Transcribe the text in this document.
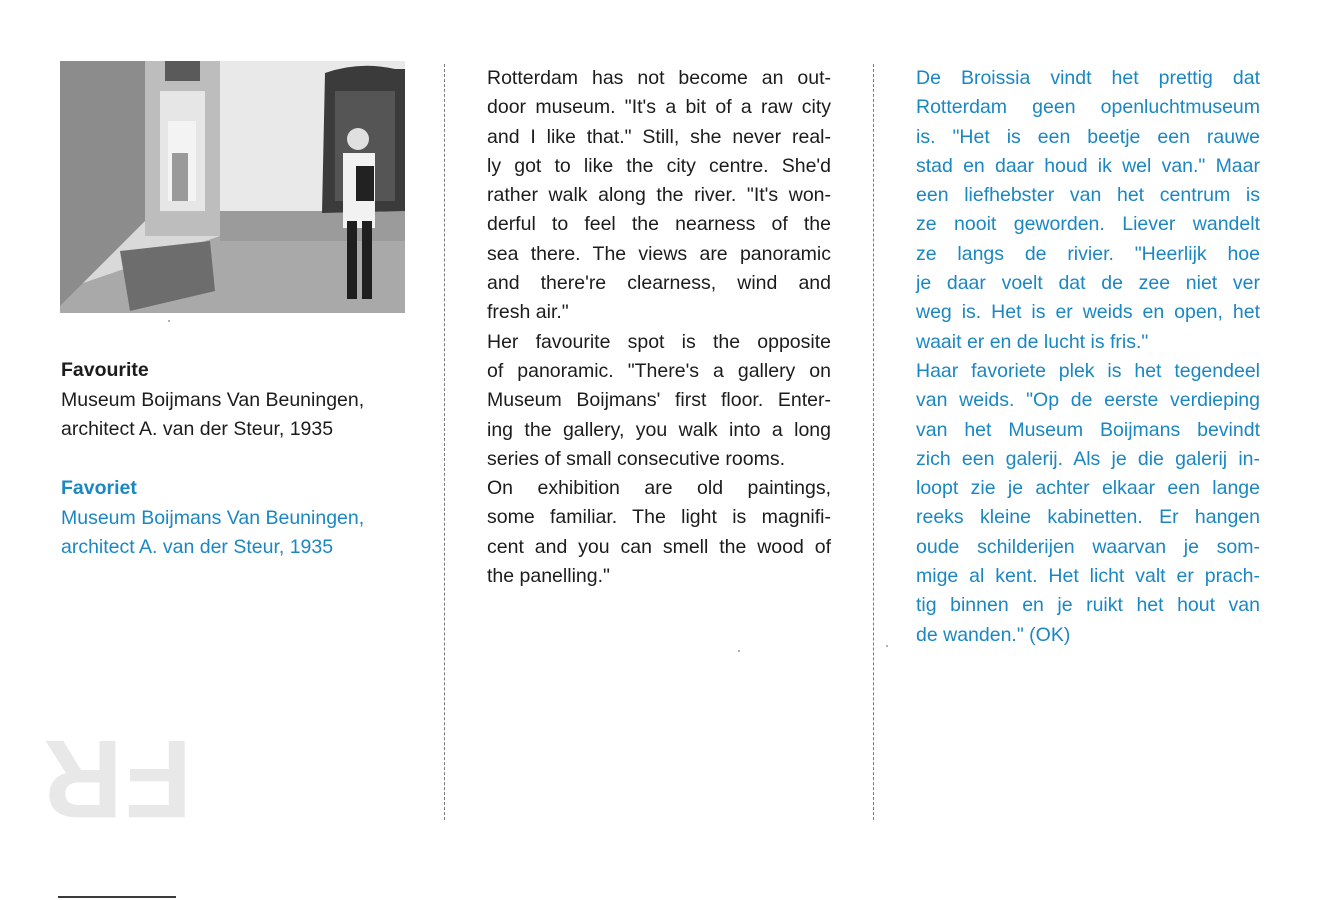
Favourite
Museum Boijmans Van Beuningen,
architect A. van der Steur, 1935
Favoriet
Museum Boijmans Van Beuningen,
architect A. van der Steur, 1935
Rotterdam has not become an out-
door museum. "It's a bit of a raw city
and I like that." Still, she never real-
ly got to like the city centre. She'd
rather walk along the river. "It's won-
derful to feel the nearness of the
sea there. The views are panoramic
and there're clearness, wind and
fresh air."
Her favourite spot is the opposite
of panoramic. "There's a gallery on
Museum Boijmans' first floor. Enter-
ing the gallery, you walk into a long
series of small consecutive rooms.
On exhibition are old paintings,
some familiar. The light is magnifi-
cent and you can smell the wood of
the panelling."
De Broissia vindt het prettig dat
Rotterdam geen openluchtmuseum
is. "Het is een beetje een rauwe
stad en daar houd ik wel van." Maar
een liefhebster van het centrum is
ze nooit geworden. Liever wandelt
ze langs de rivier. "Heerlijk hoe
je daar voelt dat de zee niet ver
weg is. Het is er weids en open, het
waait er en de lucht is fris."
Haar favoriete plek is het tegendeel
van weids. "Op de eerste verdieping
van het Museum Boijmans bevindt
zich een galerij. Als je die galerij in-
loopt zie je achter elkaar een lange
reeks kleine kabinetten. Er hangen
oude schilderijen waarvan je som-
mige al kent. Het licht valt er prach-
tig binnen en je ruikt het hout van
de wanden." (OK)
FR
